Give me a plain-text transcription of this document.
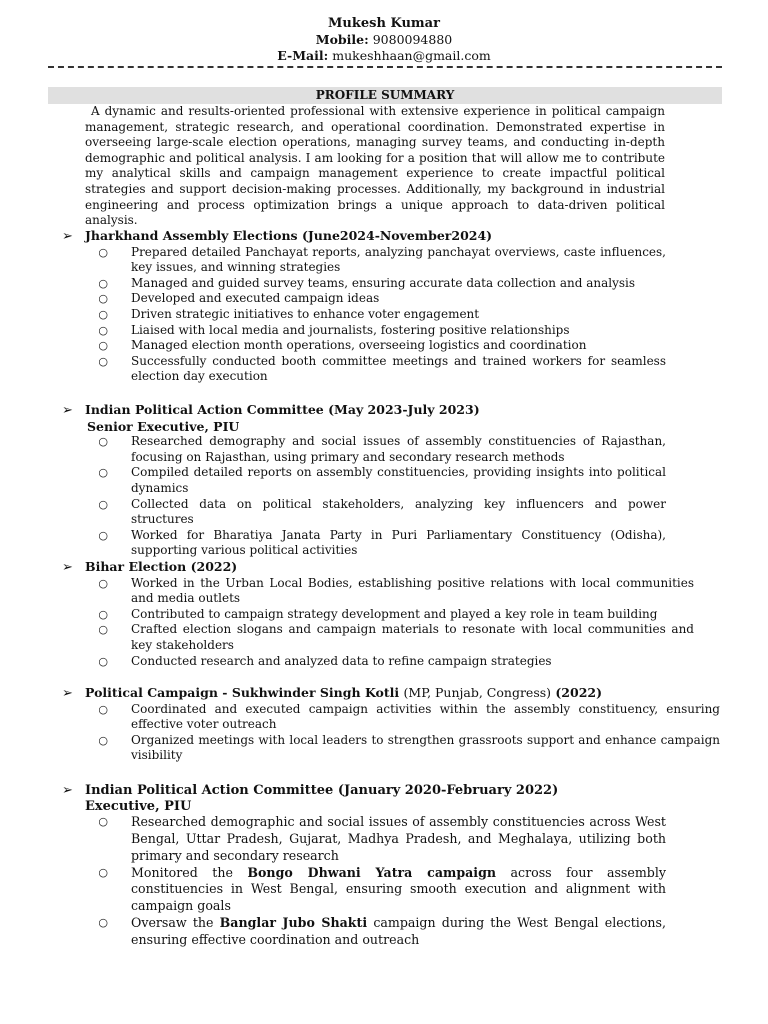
Mukesh Kumar
Mobile: 9080094880
E-Mail: mukeshhaan@gmail.com
PROFILE SUMMARY
A dynamic and results-oriented professional with extensive experience in political campaign management, strategic research, and operational coordination. Demonstrated expertise in overseeing large-scale election operations, managing survey teams, and conducting in-depth demographic and political analysis. I am looking for a position that will allow me to contribute my analytical skills and campaign management experience to create impactful political strategies and support decision-making processes. Additionally, my background in industrial engineering and process optimization brings a unique approach to data-driven political analysis.
➢ Jharkhand Assembly Elections (June2024-November2024)
○	Prepared detailed Panchayat reports, analyzing panchayat overviews, caste influences, key issues, and winning strategies
○	Managed and guided survey teams, ensuring accurate data collection and analysis
○	Developed and executed campaign ideas
○	Driven strategic initiatives to enhance voter engagement
○	Liaised with local media and journalists, fostering positive relationships
○	Managed election month operations, overseeing logistics and coordination
○	Successfully conducted booth committee meetings and trained workers for seamless election day execution
➢ Indian Political Action Committee (May 2023-July 2023)
Senior Executive, PIU
○	Researched demography and social issues of assembly constituencies of Rajasthan, focusing on Rajasthan, using primary and secondary research methods
○	Compiled detailed reports on assembly constituencies, providing insights into political dynamics
○	Collected data on political stakeholders, analyzing key influencers and power structures
○	Worked for Bharatiya Janata Party in Puri Parliamentary Constituency (Odisha), supporting various political activities
➢ Bihar Election (2022)
○	Worked in the Urban Local Bodies, establishing positive relations with local communities and media outlets
○	Contributed to campaign strategy development and played a key role in team building
○	Crafted election slogans and campaign materials to resonate with local communities and key stakeholders
○	Conducted research and analyzed data to refine campaign strategies
➢ Political Campaign - Sukhwinder Singh Kotli (MP, Punjab, Congress) (2022)
○	Coordinated and executed campaign activities within the assembly constituency, ensuring effective voter outreach
○	Organized meetings with local leaders to strengthen grassroots support and enhance campaign visibility
➢ Indian Political Action Committee (January 2020-February 2022)
Executive, PIU
○	Researched demographic and social issues of assembly constituencies across West Bengal, Uttar Pradesh, Gujarat, Madhya Pradesh, and Meghalaya, utilizing both primary and secondary research
○	Monitored the Bongo Dhwani Yatra campaign across four assembly constituencies in West Bengal, ensuring smooth execution and alignment with campaign goals
○	Oversaw the Banglar Jubo Shakti campaign during the West Bengal elections, ensuring effective coordination and outreach
